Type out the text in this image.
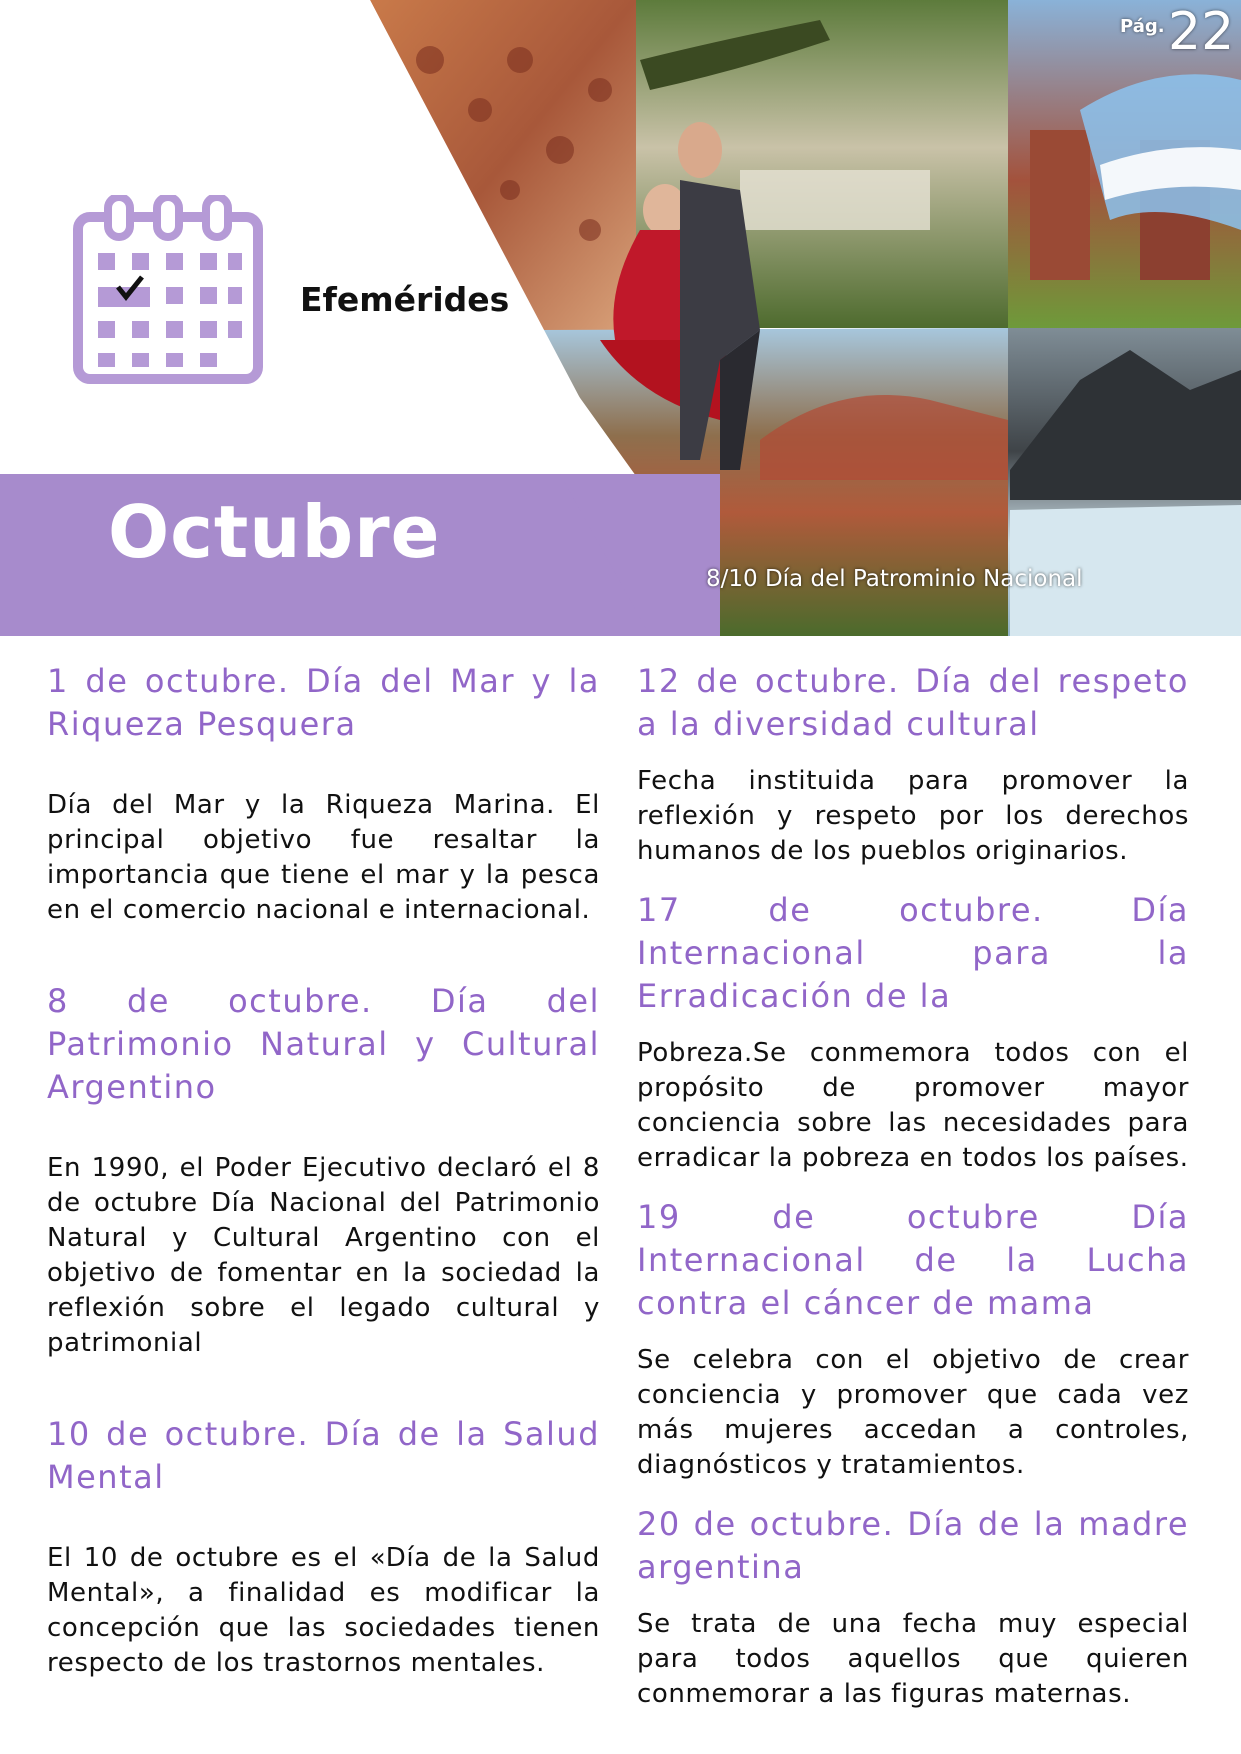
Octubre
Efemérides
8/10 Día del Patrominio Nacional
Pág. 22
1 de octubre. Día del Mar y la Riqueza Pesquera

Día del Mar y la Riqueza Marina. El principal objetivo fue resaltar la importancia que tiene el mar y la pesca en el comercio nacional e internacional.

8 de octubre. Día del Patrimonio Natural y Cultural Argentino

En 1990, el Poder Ejecutivo declaró el 8 de octubre Día Nacional del Patrimonio Natural y Cultural Argentino con el objetivo de fomentar en la sociedad la reflexión sobre el legado cultural y patrimonial

10 de octubre. Día de la Salud Mental

El 10 de octubre es el «Día de la Salud Mental», a finalidad es modificar la concepción que las sociedades tienen respecto de los trastornos mentales.

12 de octubre. Día del respeto a la diversidad cultural

Fecha instituida para promover la reflexión y respeto por los derechos humanos de los pueblos originarios.

17 de octubre. Día Internacional para la Erradicación de la

Pobreza.Se conmemora todos con el propósito de promover mayor conciencia sobre las necesidades para erradicar la pobreza en todos los países.

19 de octubre Día Internacional de la Lucha contra el cáncer de mama

Se celebra con el objetivo de crear conciencia y promover que cada vez más mujeres accedan a controles, diagnósticos y tratamientos.

20 de octubre. Día de la madre argentina

Se trata de una fecha muy especial para todos aquellos que quieren conmemorar a las figuras maternas.
